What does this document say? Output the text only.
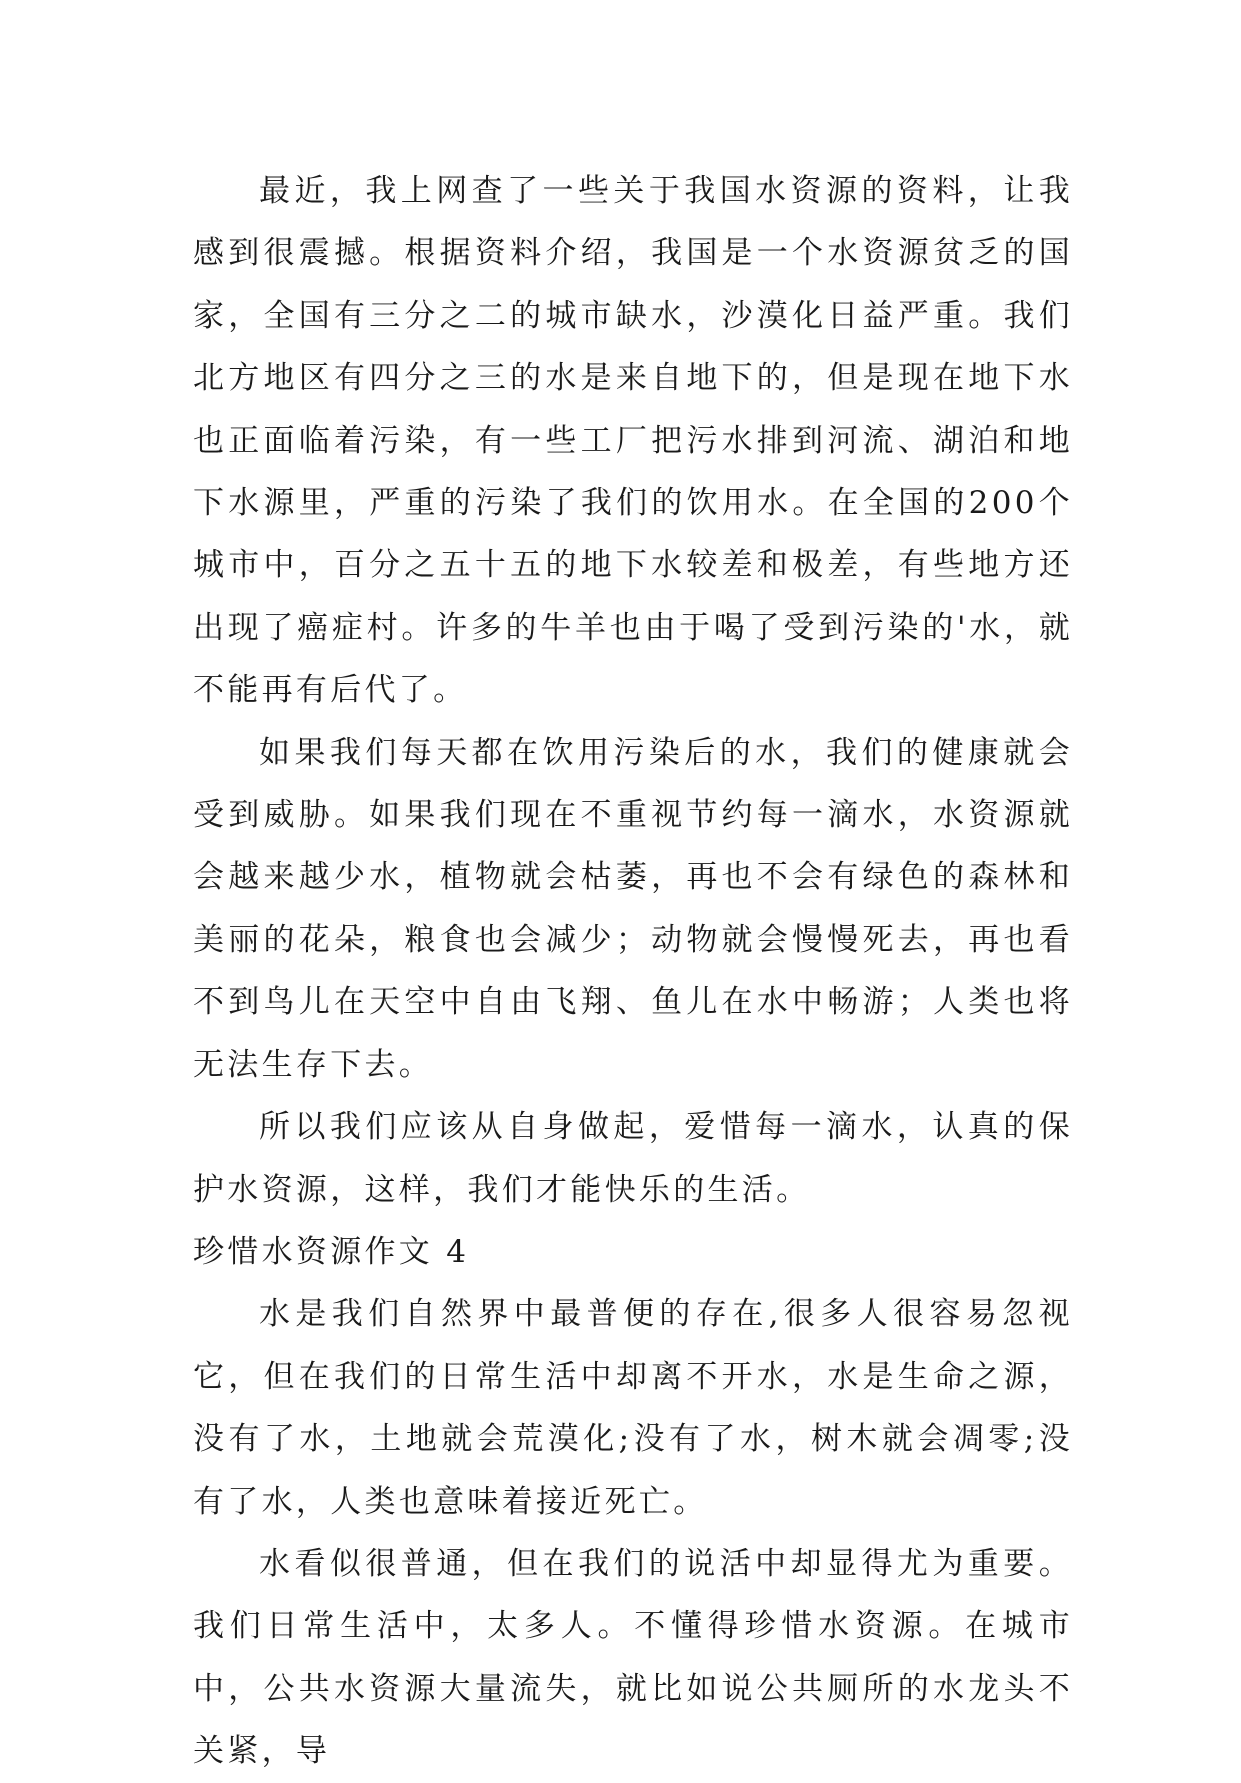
最近，我上网查了一些关于我国水资源的资料，让我感到很震撼。根据资料介绍，我国是一个水资源贫乏的国家，全国有三分之二的城市缺水，沙漠化日益严重。我们北方地区有四分之三的水是来自地下的，但是现在地下水也正面临着污染，有一些工厂把污水排到河流、湖泊和地下水源里，严重的污染了我们的饮用水。在全国的200个城市中，百分之五十五的地下水较差和极差，有些地方还出现了癌症村。许多的牛羊也由于喝了受到污染的'水，就不能再有后代了。

如果我们每天都在饮用污染后的水，我们的健康就会受到威胁。如果我们现在不重视节约每一滴水，水资源就会越来越少水，植物就会枯萎，再也不会有绿色的森林和美丽的花朵，粮食也会减少；动物就会慢慢死去，再也看不到鸟儿在天空中自由飞翔、鱼儿在水中畅游；人类也将无法生存下去。

所以我们应该从自身做起，爱惜每一滴水，认真的保护水资源，这样，我们才能快乐的生活。

珍惜水资源作文 4

水是我们自然界中最普便的存在,很多人很容易忽视它，但在我们的日常生活中却离不开水，水是生命之源，没有了水，土地就会荒漠化;没有了水，树木就会凋零;没有了水，人类也意味着接近死亡。

水看似很普通，但在我们的说活中却显得尤为重要。我们日常生活中，太多人。不懂得珍惜水资源。在城市中，公共水资源大量流失，就比如说公共厕所的水龙头不关紧，导
